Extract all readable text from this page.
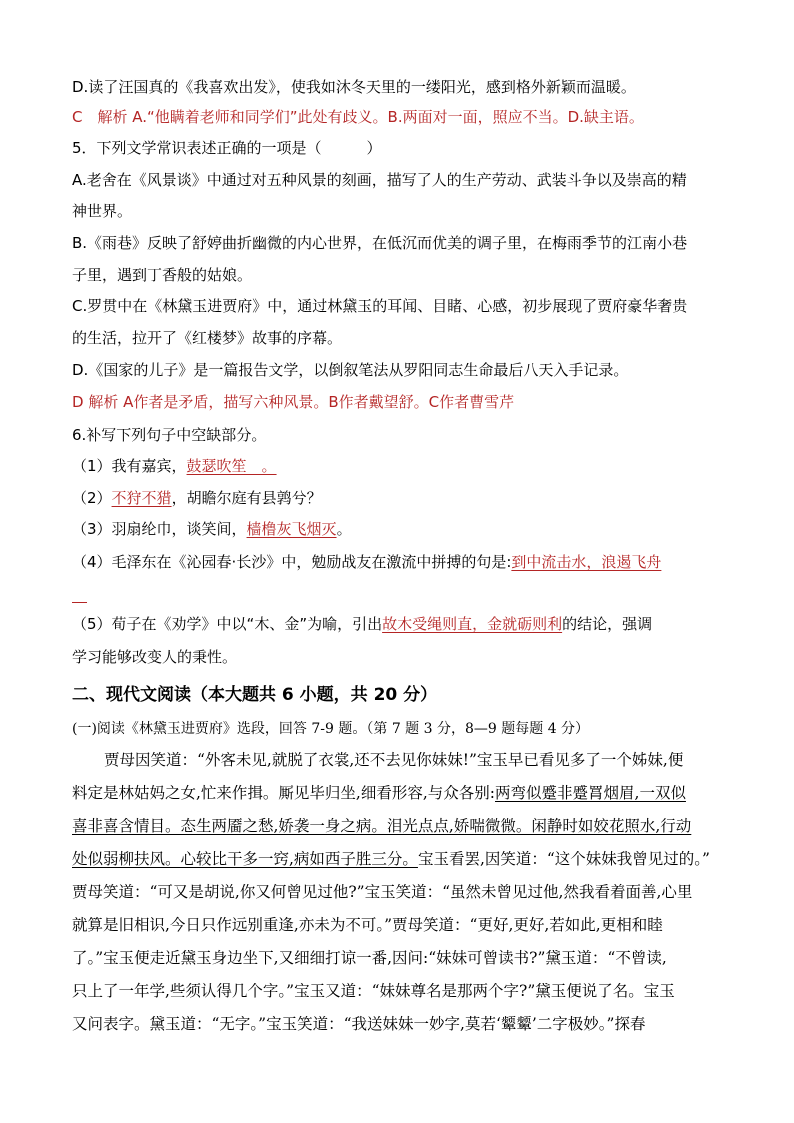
D.读了汪国真的《我喜欢出发》，使我如沐冬天里的一缕阳光，感到格外新颖而温暖。
C　解析 A.“他瞒着老师和同学们”此处有歧义。B.两面对一面，照应不当。D.缺主语。
5．下列文学常识表述正确的一项是（　　　）
A.老舍在《风景谈》中通过对五种风景的刻画，描写了人的生产劳动、武装斗争以及崇高的精
神世界。
B.《雨巷》反映了舒婷曲折幽微的内心世界，在低沉而优美的调子里，在梅雨季节的江南小巷
子里，遇到丁香般的姑娘。
C.罗贯中在《林黛玉进贾府》中，通过林黛玉的耳闻、目睹、心感，初步展现了贾府豪华奢贵
的生活，拉开了《红楼梦》故事的序幕。
D.《国家的儿子》是一篇报告文学，以倒叙笔法从罗阳同志生命最后八天入手记录。
D 解析 A作者是矛盾，描写六种风景。B作者戴望舒。C作者曹雪芹
6.补写下列句子中空缺部分。
（1）我有嘉宾，鼓瑟吹笙　。
（2）不狩不猎，胡瞻尔庭有县鹑兮？
（3）羽扇纶巾，谈笑间，樯橹灰飞烟灭。
（4）毛泽东在《沁园春·长沙》中，勉励战友在激流中拼搏的句是:到中流击水，浪遏飞舟

（5）荀子在《劝学》中以“木、金”为喻，引出故木受绳则直，金就砺则利的结论，强调
学习能够改变人的秉性。
二、现代文阅读（本大题共 6 小题，共 20 分）
(一)阅读《林黛玉进贾府》选段，回答 7-9 题。（第 7 题 3 分，8—9 题每题 4 分）
贾母因笑道：“外客未见,就脱了衣裳,还不去见你妹妹!”宝玉早已看见多了一个姊妹,便
料定是林姑妈之女,忙来作揖。厮见毕归坐,细看形容,与众各别:两弯似蹙非蹙罥烟眉,一双似
喜非喜含情目。态生两靥之愁,娇袭一身之病。泪光点点,娇喘微微。闲静时如姣花照水,行动
处似弱柳扶风。心较比干多一窍,病如西子胜三分。宝玉看罢,因笑道：“这个妹妹我曾见过的。”
贾母笑道：“可又是胡说,你又何曾见过他?”宝玉笑道：“虽然未曾见过他,然我看着面善,心里
就算是旧相识,今日只作远别重逢,亦未为不可。”贾母笑道：“更好,更好,若如此,更相和睦
了。”宝玉便走近黛玉身边坐下,又细细打谅一番,因问:“妹妹可曾读书?”黛玉道：“不曾读,
只上了一年学,些须认得几个字。”宝玉又道：“妹妹尊名是那两个字?”黛玉便说了名。宝玉
又问表字。黛玉道：“无字。”宝玉笑道：“我送妹妹一妙字,莫若‘颦颦’二字极妙。”探春
